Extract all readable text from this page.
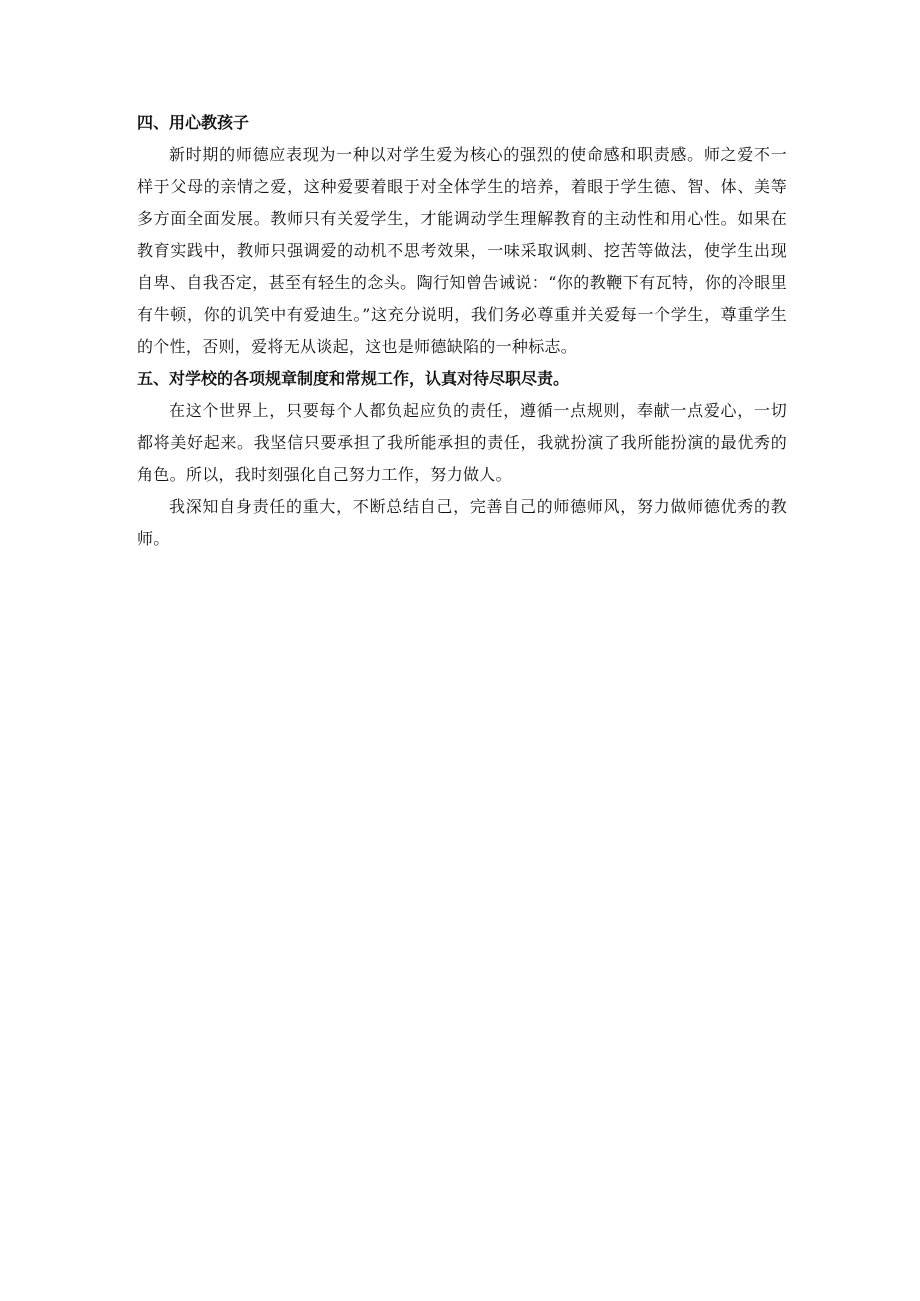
四、用心教孩子

新时期的师德应表现为一种以对学生爱为核心的强烈的使命感和职责感。师之爱不一样于父母的亲情之爱，这种爱要着眼于对全体学生的培养，着眼于学生德、智、体、美等多方面全面发展。教师只有关爱学生，才能调动学生理解教育的主动性和用心性。如果在教育实践中，教师只强调爱的动机不思考效果，一味采取讽刺、挖苦等做法，使学生出现自卑、自我否定，甚至有轻生的念头。陶行知曾告诫说：“你的教鞭下有瓦特，你的冷眼里有牛顿，你的讥笑中有爱迪生。”这充分说明，我们务必尊重并关爱每一个学生，尊重学生的个性，否则，爱将无从谈起，这也是师德缺陷的一种标志。

五、对学校的各项规章制度和常规工作，认真对待尽职尽责。

在这个世界上，只要每个人都负起应负的责任，遵循一点规则，奉献一点爱心，一切都将美好起来。我坚信只要承担了我所能承担的责任，我就扮演了我所能扮演的最优秀的角色。所以，我时刻强化自己努力工作，努力做人。

我深知自身责任的重大，不断总结自己，完善自己的师德师风，努力做师德优秀的教师。
